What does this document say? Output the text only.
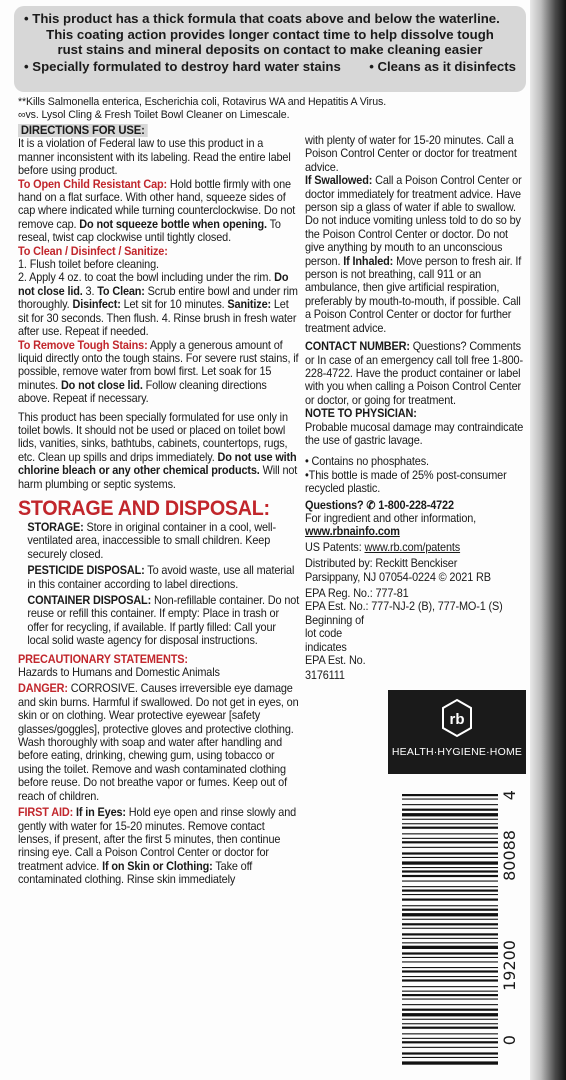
• This product has a thick formula that coats above and below the waterline.
This coating action provides longer contact time to help dissolve tough
rust stains and mineral deposits on contact to make cleaning easier
• Specially formulated to destroy hard water stains • Cleans as it disinfects
**Kills Salmonella enterica, Escherichia coli, Rotavirus WA and Hepatitis A Virus.
∞vs. Lysol Cling & Fresh Toilet Bowl Cleaner on Limescale.

DIRECTIONS FOR USE:

It is a violation of Federal law to use this product in a manner inconsistent with its labeling. Read the entire label before using product.

To Open Child Resistant Cap: Hold bottle firmly with one hand on a flat surface. With other hand, squeeze sides of cap where indicated while turning counterclockwise. Do not remove cap. Do not squeeze bottle when opening. To reseal, twist cap clockwise until tightly closed.

To Clean / Disinfect / Sanitize:

1. Flush toilet before cleaning.

2. Apply 4 oz. to coat the bowl including under the rim. Do not close lid. 3. To Clean: Scrub entire bowl and under rim thoroughly. Disinfect: Let sit for 10 minutes. Sanitize: Let sit for 30 seconds. Then flush. 4. Rinse brush in fresh water after use. Repeat if needed.

To Remove Tough Stains: Apply a generous amount of liquid directly onto the tough stains. For severe rust stains, if possible, remove water from bowl first. Let soak for 15 minutes. Do not close lid. Follow cleaning directions above. Repeat if necessary.

This product has been specially formulated for use only in toilet bowls. It should not be used or placed on toilet bowl lids, vanities, sinks, bathtubs, cabinets, countertops, rugs, etc. Clean up spills and drips immediately. Do not use with chlorine bleach or any other chemical products. Will not harm plumbing or septic systems.

STORAGE AND DISPOSAL:

STORAGE: Store in original container in a cool, well-ventilated area, inaccessible to small children. Keep securely closed.

PESTICIDE DISPOSAL: To avoid waste, use all material in this container according to label directions.

CONTAINER DISPOSAL: Non-refillable container. Do not reuse or refill this container. If empty: Place in trash or offer for recycling, if available. If partly filled: Call your local solid waste agency for disposal instructions.

PRECAUTIONARY STATEMENTS:

Hazards to Humans and Domestic Animals

DANGER: CORROSIVE. Causes irreversible eye damage and skin burns. Harmful if swallowed. Do not get in eyes, on skin or on clothing. Wear protective eyewear [safety glasses/goggles], protective gloves and protective clothing. Wash thoroughly with soap and water after handling and before eating, drinking, chewing gum, using tobacco or using the toilet. Remove and wash contaminated clothing before reuse. Do not breathe vapor or fumes. Keep out of reach of children.

FIRST AID: If in Eyes: Hold eye open and rinse slowly and gently with water for 15-20 minutes. Remove contact lenses, if present, after the first 5 minutes, then continue rinsing eye. Call a Poison Control Center or doctor for treatment advice. If on Skin or Clothing: Take off contaminated clothing. Rinse skin immediately

with plenty of water for 15-20 minutes. Call a Poison Control Center or doctor for treatment advice.

If Swallowed: Call a Poison Control Center or doctor immediately for treatment advice. Have person sip a glass of water if able to swallow. Do not induce vomiting unless told to do so by the Poison Control Center or doctor. Do not give anything by mouth to an unconscious person. If Inhaled: Move person to fresh air. If person is not breathing, call 911 or an ambulance, then give artificial respiration, preferably by mouth-to-mouth, if possible. Call a Poison Control Center or doctor for further treatment advice.

CONTACT NUMBER: Questions? Comments or In case of an emergency call toll free 1-800-228-4722. Have the product container or label with you when calling a Poison Control Center or doctor, or going for treatment.

NOTE TO PHYSICIAN:

Probable mucosal damage may contraindicate the use of gastric lavage.

• Contains no phosphates.

•This bottle is made of 25% post-consumer recycled plastic.

Questions? ✆ 1-800-228-4722

For ingredient and other information,

www.rbnainfo.com

US Patents: www.rb.com/patents

Distributed by: Reckitt Benckiser

Parsippany, NJ 07054-0224 © 2021 RB

EPA Reg. No.: 777-81

EPA Est. No.: 777-NJ-2 (B), 777-MO-1 (S)

Beginning of

lot code

indicates

EPA Est. No.

3176111

rb
HEALTH·HYGIENE·HOME
0
19200
80088
4
